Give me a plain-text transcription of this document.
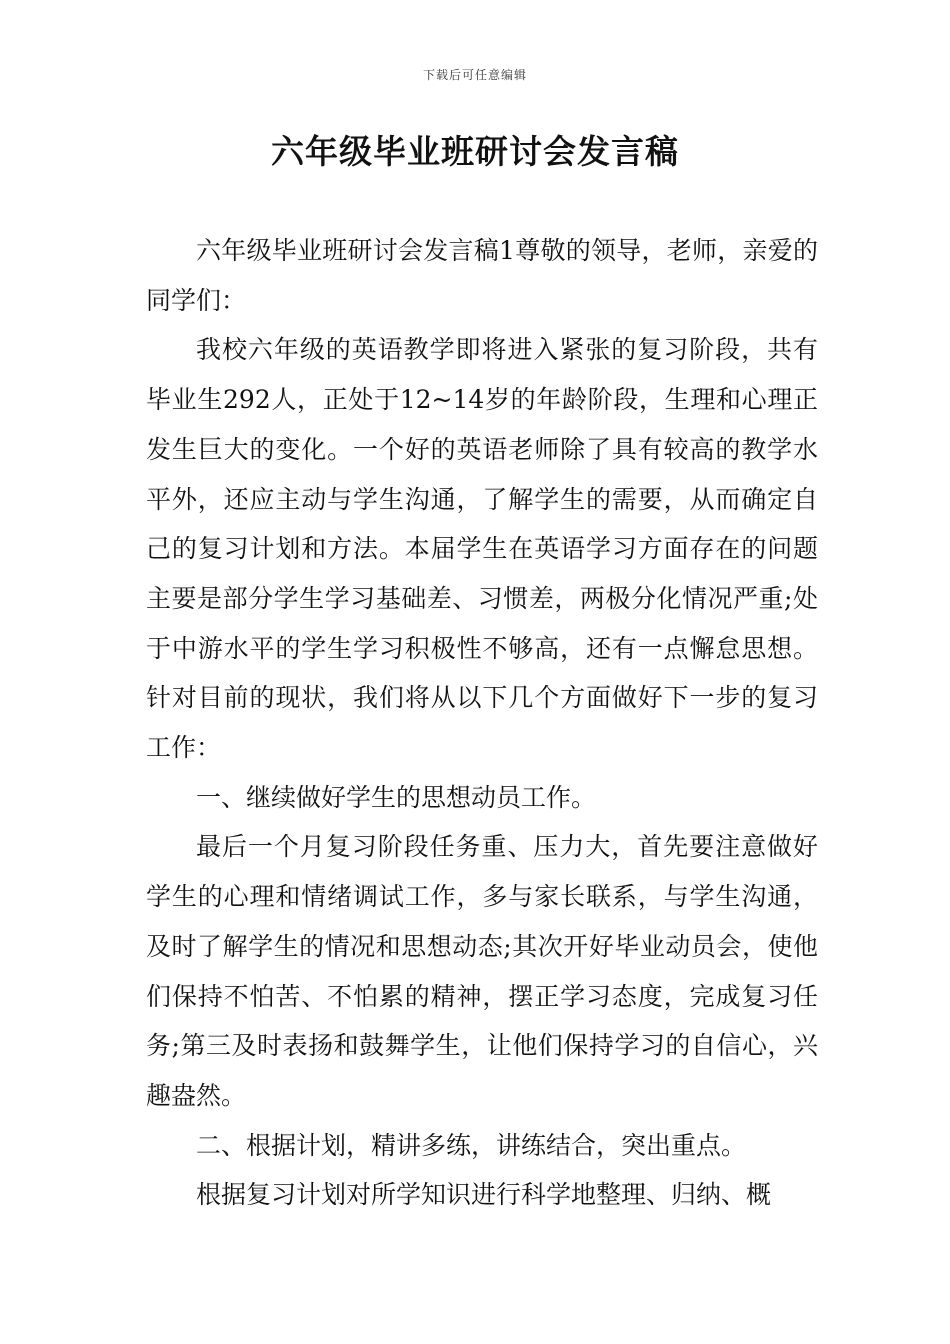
下载后可任意编辑
六年级毕业班研讨会发言稿

六年级毕业班研讨会发言稿1尊敬的领导，老师，亲爱的同学们：

我校六年级的英语教学即将进入紧张的复习阶段，共有毕业生292人，正处于12~14岁的年龄阶段，生理和心理正发生巨大的变化。一个好的英语老师除了具有较高的教学水平外，还应主动与学生沟通，了解学生的需要，从而确定自己的复习计划和方法。本届学生在英语学习方面存在的问题主要是部分学生学习基础差、习惯差，两极分化情况严重;处于中游水平的学生学习积极性不够高，还有一点懈怠思想。针对目前的现状，我们将从以下几个方面做好下一步的复习工作：

一、继续做好学生的思想动员工作。

最后一个月复习阶段任务重、压力大，首先要注意做好学生的心理和情绪调试工作，多与家长联系，与学生沟通，及时了解学生的情况和思想动态;其次开好毕业动员会，使他们保持不怕苦、不怕累的精神，摆正学习态度，完成复习任务;第三及时表扬和鼓舞学生，让他们保持学习的自信心，兴趣盎然。

二、根据计划，精讲多练，讲练结合，突出重点。

根据复习计划对所学知识进行科学地整理、归纳、概
